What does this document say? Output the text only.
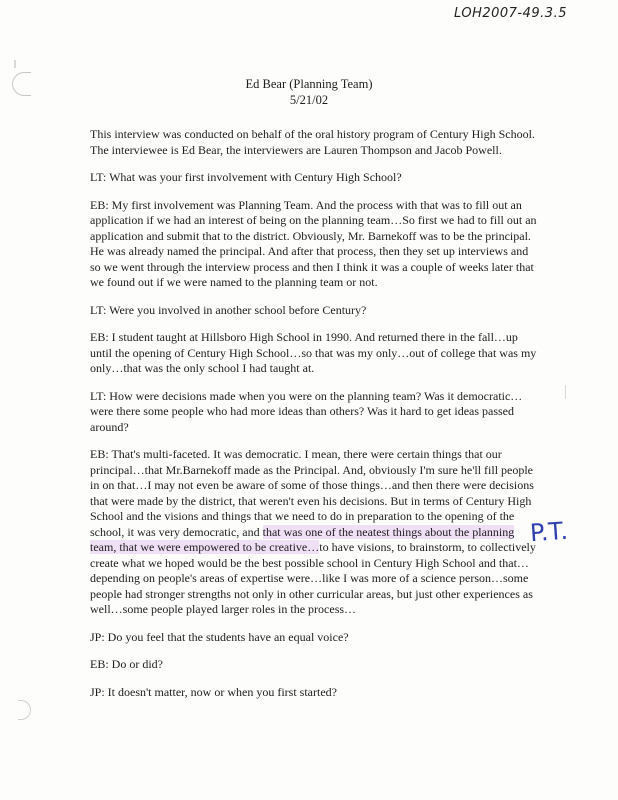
LOH2007-49.3.5
Ed Bear (Planning Team)
5/21/02

This interview was conducted on behalf of the oral history program of Century High School. The interviewee is Ed Bear, the interviewers are Lauren Thompson and Jacob Powell.

LT: What was your first involvement with Century High School?

EB: My first involvement was Planning Team. And the process with that was to fill out an application if we had an interest of being on the planning team…So first we had to fill out an application and submit that to the district. Obviously, Mr. Barnekoff was to be the principal. He was already named the principal. And after that process, then they set up interviews and so we went through the interview process and then I think it was a couple of weeks later that we found out if we were named to the planning team or not.

LT: Were you involved in another school before Century?

EB: I student taught at Hillsboro High School in 1990. And returned there in the fall…up until the opening of Century High School…so that was my only…out of college that was my only…that was the only school I had taught at.

LT: How were decisions made when you were on the planning team? Was it democratic…were there some people who had more ideas than others? Was it hard to get ideas passed around?

EB: That's multi-faceted. It was democratic. I mean, there were certain things that our principal…that Mr.Barnekoff made as the Principal. And, obviously I'm sure he'll fill people in on that…I may not even be aware of some of those things…and then there were decisions that were made by the district, that weren't even his decisions. But in terms of Century High School and the visions and things that we need to do in preparation to the opening of the school, it was very democratic, and that was one of the neatest things about the planning team, that we were empowered to be creative…to have visions, to brainstorm, to collectively create what we hoped would be the best possible school in Century High School and that…depending on people's areas of expertise were…like I was more of a science person…some people had stronger strengths not only in other curricular areas, but just other experiences as well…some people played larger roles in the process…

JP: Do you feel that the students have an equal voice?

EB: Do or did?

JP: It doesn't matter, now or when you first started?

P.T.
